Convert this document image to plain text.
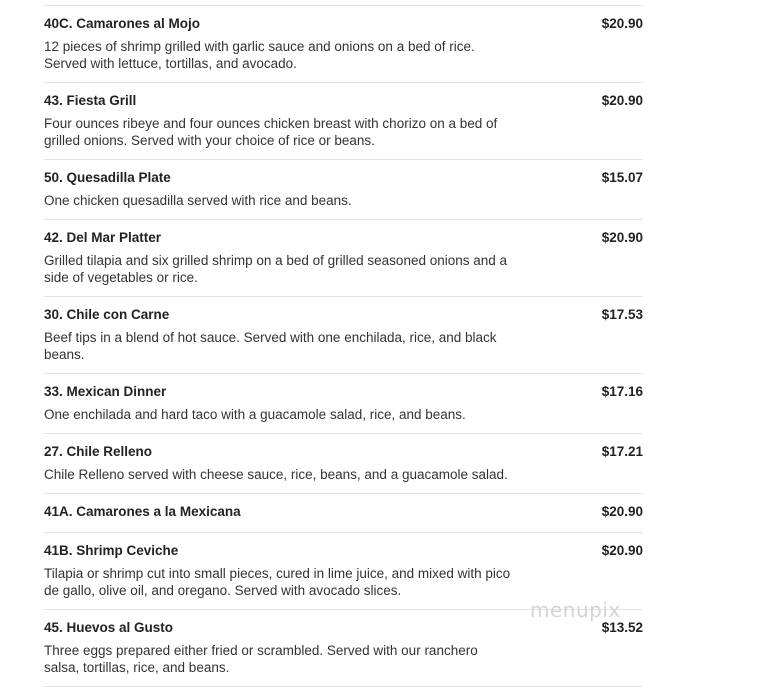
40C. Camarones al Mojo	$20.90
12 pieces of shrimp grilled with garlic sauce and onions on a bed of rice. Served with lettuce, tortillas, and avocado.
43. Fiesta Grill	$20.90
Four ounces ribeye and four ounces chicken breast with chorizo on a bed of grilled onions. Served with your choice of rice or beans.
50. Quesadilla Plate	$15.07
One chicken quesadilla served with rice and beans.
42. Del Mar Platter	$20.90
Grilled tilapia and six grilled shrimp on a bed of grilled seasoned onions and a side of vegetables or rice.
30. Chile con Carne	$17.53
Beef tips in a blend of hot sauce. Served with one enchilada, rice, and black beans.
33. Mexican Dinner	$17.16
One enchilada and hard taco with a guacamole salad, rice, and beans.
27. Chile Relleno	$17.21
Chile Relleno served with cheese sauce, rice, beans, and a guacamole salad.
41A. Camarones a la Mexicana	$20.90
41B. Shrimp Ceviche	$20.90
Tilapia or shrimp cut into small pieces, cured in lime juice, and mixed with pico de gallo, olive oil, and oregano. Served with avocado slices.
45. Huevos al Gusto	$13.52
Three eggs prepared either fried or scrambled. Served with our ranchero salsa, tortillas, rice, and beans.
menupix
